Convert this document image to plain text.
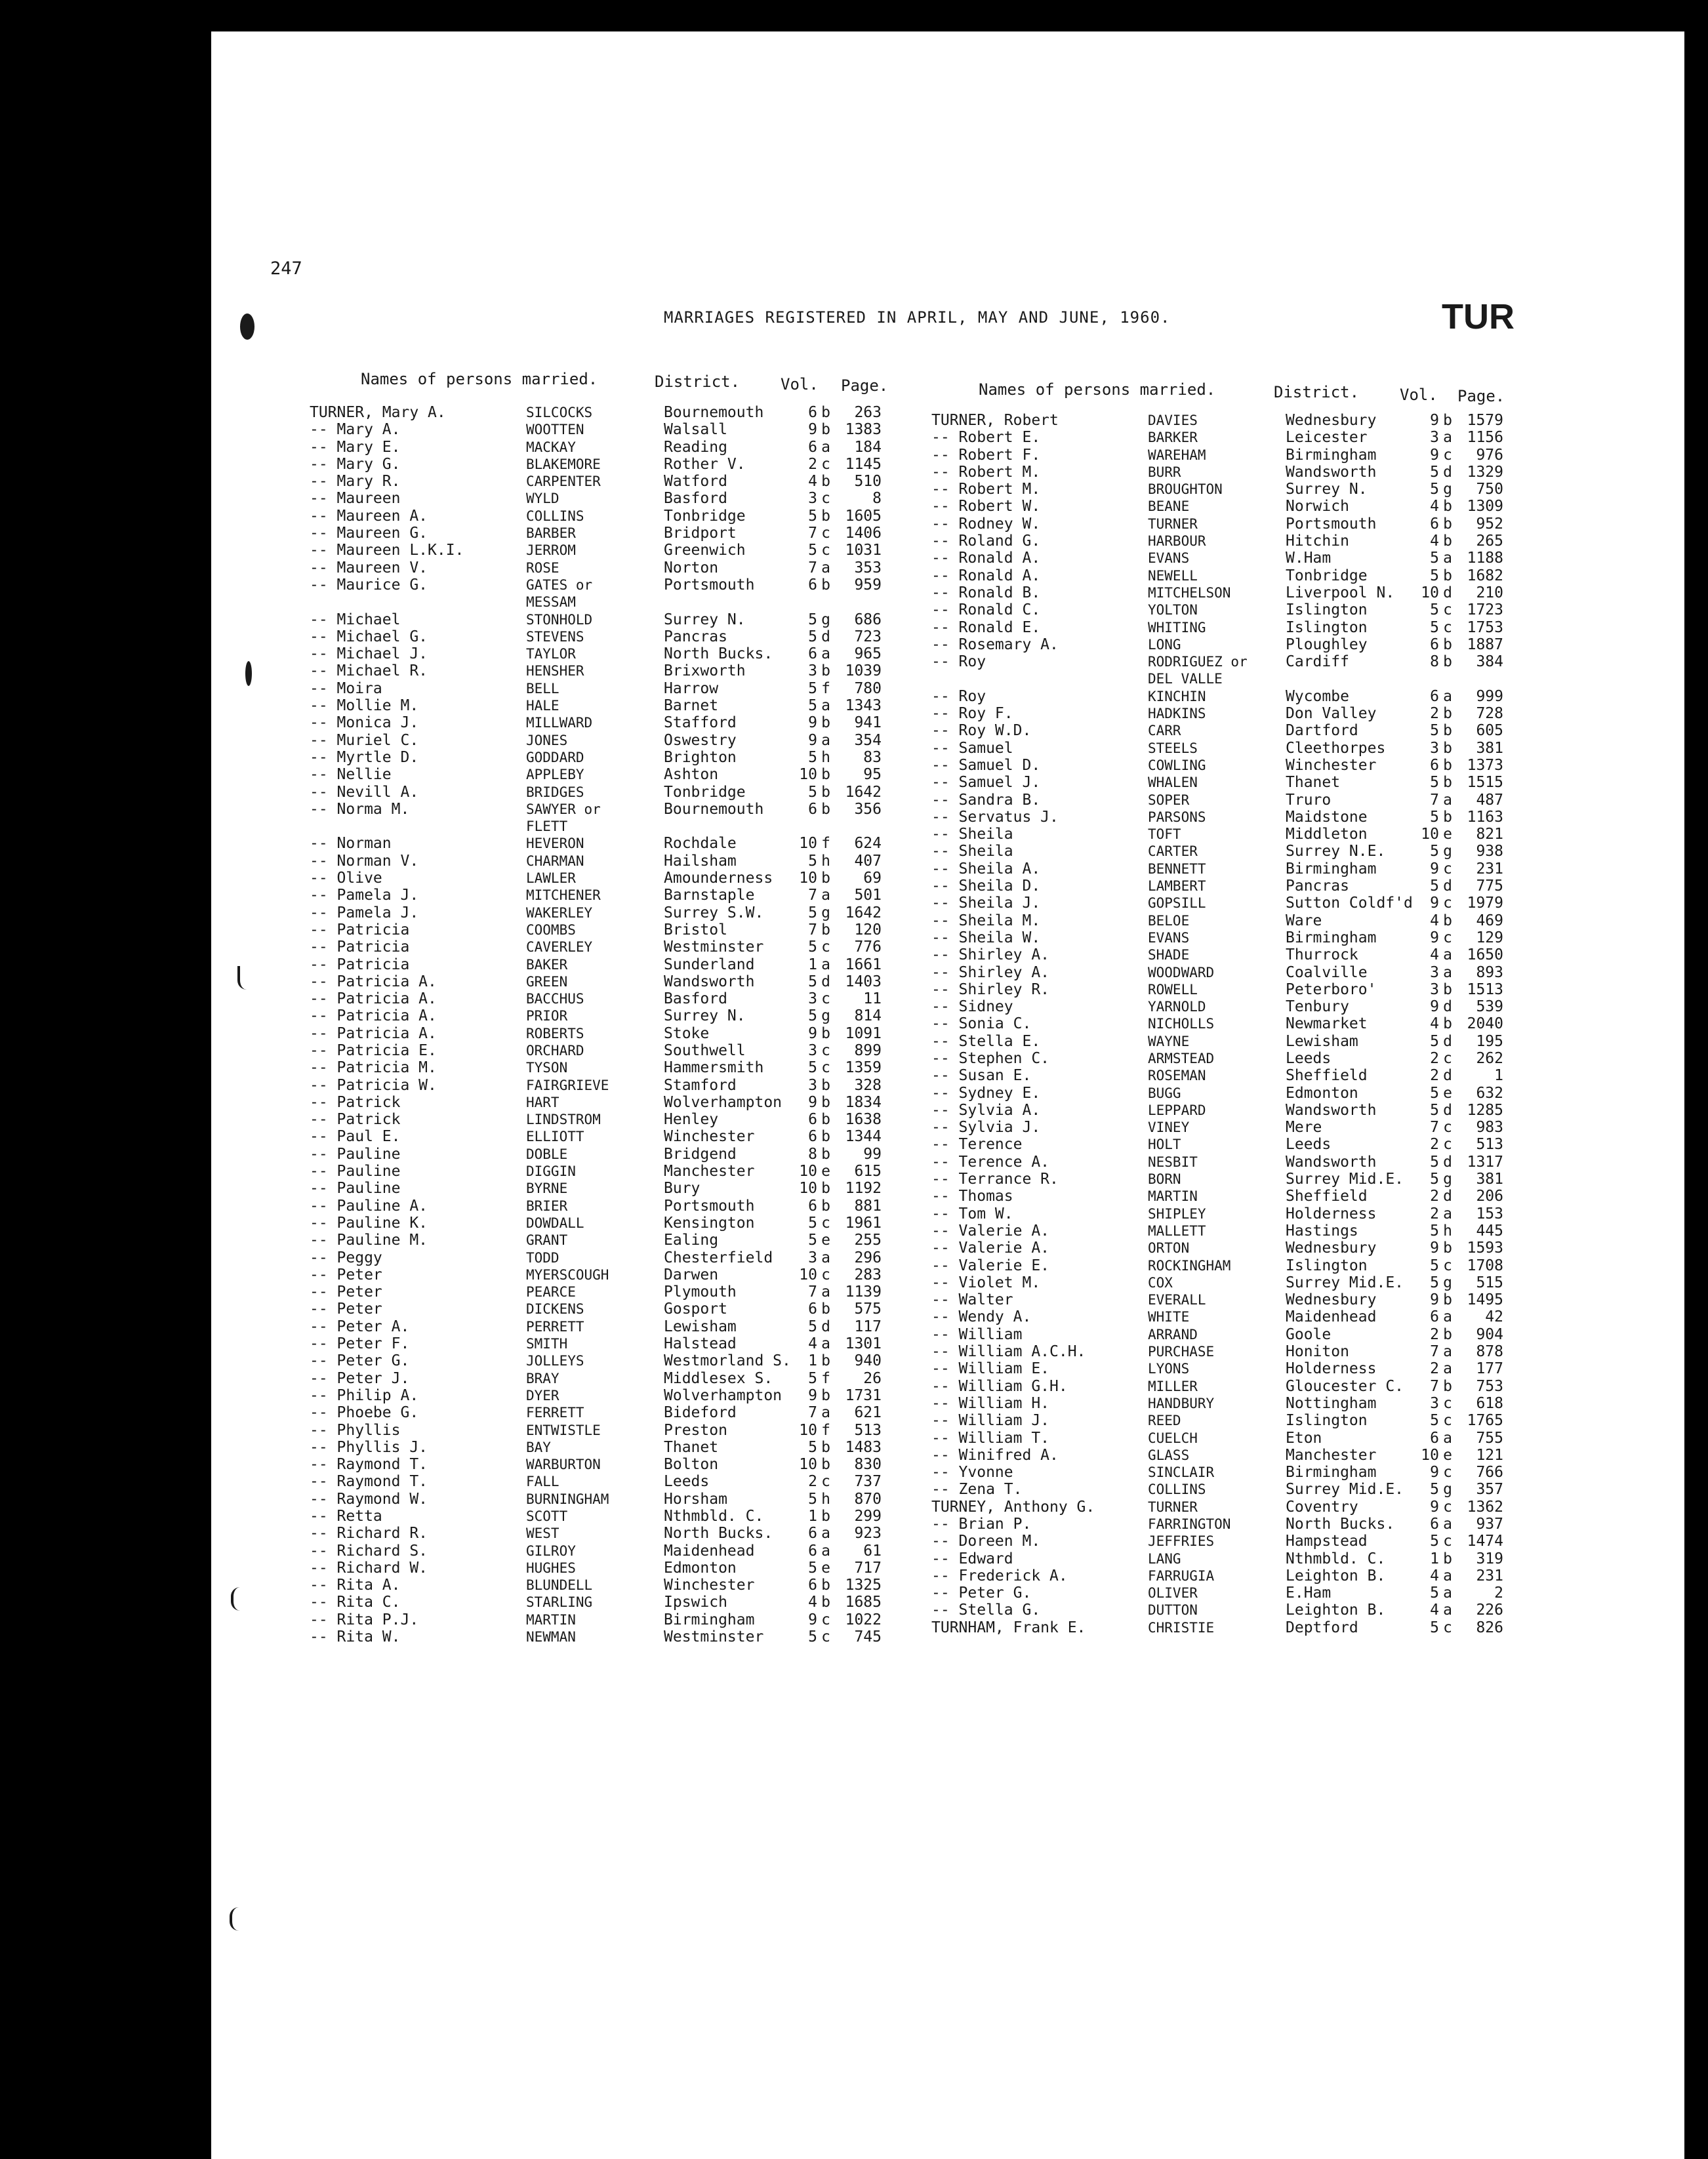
247
MARRIAGES REGISTERED IN APRIL, MAY AND JUNE, 1960.	TUR
Names of persons married.	District.	Vol. Page.	Names of persons married.	District.	Vol. Page.
TURNER, Mary A.	SILCOCKS	Bournemouth	6 b	263
-- Mary A.	WOOTTEN	Walsall	9 b 1383
-- Mary E.	MACKAY	Reading	6 a	184
-- Mary G.	BLAKEMORE	Rother V.	2 c 1145
-- Mary R.	CARPENTER	Watford	4 b	510
-- Maureen	WYLD	Basford	3 c	8
-- Maureen A.	COLLINS	Tonbridge	5 b 1605
-- Maureen G.	BARBER	Bridport	7 c 1406
-- Maureen L.K.I.	JERROM	Greenwich	5 c 1031
-- Maureen V.	ROSE	Norton	7 a	353
-- Maurice G.	GATES or	Portsmouth	6 b	959
MESSAM
-- Michael	STONHOLD	Surrey N.	5 g	686
-- Michael G.	STEVENS	Pancras	5 d	723
-- Michael J.	TAYLOR	North Bucks.	6 a	965
-- Michael R.	HENSHER	Brixworth	3 b 1039
-- Moira	BELL	Harrow	5 f	780
-- Mollie M.	HALE	Barnet	5 a 1343
-- Monica J.	MILLWARD	Stafford	9 b	941
-- Muriel C.	JONES	Oswestry	9 a	354
-- Myrtle D.	GODDARD	Brighton	5 h	83
-- Nellie	APPLEBY	Ashton	10 b	95
-- Nevill A.	BRIDGES	Tonbridge	5 b 1642
-- Norma M.	SAWYER or	Bournemouth	6 b	356
FLETT
-- Norman	HEVERON	Rochdale	10 f	624
-- Norman V.	CHARMAN	Hailsham	5 h	407
-- Olive	LAWLER	Amounderness	10 b	69
-- Pamela J.	MITCHENER	Barnstaple	7 a	501
-- Pamela J.	WAKERLEY	Surrey S.W.	5 g 1642
-- Patricia	COOMBS	Bristol	7 b	120
-- Patricia	CAVERLEY	Westminster	5 c	776
-- Patricia	BAKER	Sunderland	1 a 1661
-- Patricia A.	GREEN	Wandsworth	5 d 1403
-- Patricia A.	BACCHUS	Basford	3 c	11
-- Patricia A.	PRIOR	Surrey N.	5 g	814
-- Patricia A.	ROBERTS	Stoke	9 b 1091
-- Patricia E.	ORCHARD	Southwell	3 c	899
-- Patricia M.	TYSON	Hammersmith	5 c 1359
-- Patricia W.	FAIRGRIEVE	Stamford	3 b	328
-- Patrick	HART	Wolverhampton	9 b 1834
-- Patrick	LINDSTROM	Henley	6 b 1638
-- Paul E.	ELLIOTT	Winchester	6 b 1344
-- Pauline	DOBLE	Bridgend	8 b	99
-- Pauline	DIGGIN	Manchester	10 e	615
-- Pauline	BYRNE	Bury	10 b 1192
-- Pauline A.	BRIER	Portsmouth	6 b	881
-- Pauline K.	DOWDALL	Kensington	5 c 1961
-- Pauline M.	GRANT	Ealing	5 e	255
-- Peggy	TODD	Chesterfield	3 a	296
-- Peter	MYERSCOUGH	Darwen	10 c	283
-- Peter	PEARCE	Plymouth	7 a 1139
-- Peter	DICKENS	Gosport	6 b	575
-- Peter A.	PERRETT	Lewisham	5 d	117
-- Peter F.	SMITH	Halstead	4 a 1301
-- Peter G.	JOLLEYS	Westmorland S.	1 b	940
-- Peter J.	BRAY	Middlesex S.	5 f	26
-- Philip A.	DYER	Wolverhampton	9 b 1731
-- Phoebe G.	FERRETT	Bideford	7 a	621
-- Phyllis	ENTWISTLE	Preston	10 f	513
-- Phyllis J.	BAY	Thanet	5 b 1483
-- Raymond T.	WARBURTON	Bolton	10 b	830
-- Raymond T.	FALL	Leeds	2 c	737
-- Raymond W.	BURNINGHAM	Horsham	5 h	870
-- Retta	SCOTT	Nthmbld. C.	1 b	299
-- Richard R.	WEST	North Bucks.	6 a	923
-- Richard S.	GILROY	Maidenhead	6 a	61
-- Richard W.	HUGHES	Edmonton	5 e	717
-- Rita A.	BLUNDELL	Winchester	6 b 1325
-- Rita C.	STARLING	Ipswich	4 b 1685
-- Rita P.J.	MARTIN	Birmingham	9 c 1022
-- Rita W.	NEWMAN	Westminster	5 c	745
TURNER, Robert	DAVIES	Wednesbury	9 b 1579
-- Robert E.	BARKER	Leicester	3 a 1156
-- Robert F.	WAREHAM	Birmingham	9 c	976
-- Robert M.	BURR	Wandsworth	5 d 1329
-- Robert M.	BROUGHTON	Surrey N.	5 g	750
-- Robert W.	BEANE	Norwich	4 b 1309
-- Rodney W.	TURNER	Portsmouth	6 b	952
-- Roland G.	HARBOUR	Hitchin	4 b	265
-- Ronald A.	EVANS	W.Ham	5 a 1188
-- Ronald A.	NEWELL	Tonbridge	5 b 1682
-- Ronald B.	MITCHELSON	Liverpool N.	10 d	210
-- Ronald C.	YOLTON	Islington	5 c 1723
-- Ronald E.	WHITING	Islington	5 c 1753
-- Rosemary A.	LONG	Ploughley	6 b 1887
-- Roy	RODRIGUEZ or	Cardiff	8 b	384
DEL VALLE
-- Roy	KINCHIN	Wycombe	6 a	999
-- Roy F.	HADKINS	Don Valley	2 b	728
-- Roy W.D.	CARR	Dartford	5 b	605
-- Samuel	STEELS	Cleethorpes	3 b	381
-- Samuel D.	COWLING	Winchester	6 b 1373
-- Samuel J.	WHALEN	Thanet	5 b 1515
-- Sandra B.	SOPER	Truro	7 a	487
-- Servatus J.	PARSONS	Maidstone	5 b 1163
-- Sheila	TOFT	Middleton	10 e	821
-- Sheila	CARTER	Surrey N.E.	5 g	938
-- Sheila A.	BENNETT	Birmingham	9 c	231
-- Sheila D.	LAMBERT	Pancras	5 d	775
-- Sheila J.	GOPSILL	Sutton Coldf'd	9 c 1979
-- Sheila M.	BELOE	Ware	4 b	469
-- Sheila W.	EVANS	Birmingham	9 c	129
-- Shirley A.	SHADE	Thurrock	4 a 1650
-- Shirley A.	WOODWARD	Coalville	3 a	893
-- Shirley R.	ROWELL	Peterboro'	3 b 1513
-- Sidney	YARNOLD	Tenbury	9 d	539
-- Sonia C.	NICHOLLS	Newmarket	4 b 2040
-- Stella E.	WAYNE	Lewisham	5 d	195
-- Stephen C.	ARMSTEAD	Leeds	2 c	262
-- Susan E.	ROSEMAN	Sheffield	2 d	1
-- Sydney E.	BUGG	Edmonton	5 e	632
-- Sylvia A.	LEPPARD	Wandsworth	5 d 1285
-- Sylvia J.	VINEY	Mere	7 c	983
-- Terence	HOLT	Leeds	2 c	513
-- Terence A.	NESBIT	Wandsworth	5 d 1317
-- Terrance R.	BORN	Surrey Mid.E.	5 g	381
-- Thomas	MARTIN	Sheffield	2 d	206
-- Tom W.	SHIPLEY	Holderness	2 a	153
-- Valerie A.	MALLETT	Hastings	5 h	445
-- Valerie A.	ORTON	Wednesbury	9 b 1593
-- Valerie E.	ROCKINGHAM	Islington	5 c 1708
-- Violet M.	COX	Surrey Mid.E.	5 g	515
-- Walter	EVERALL	Wednesbury	9 b 1495
-- Wendy A.	WHITE	Maidenhead	6 a	42
-- William	ARRAND	Goole	2 b	904
-- William A.C.H.	PURCHASE	Honiton	7 a	878
-- William E.	LYONS	Holderness	2 a	177
-- William G.H.	MILLER	Gloucester C.	7 b	753
-- William H.	HANDBURY	Nottingham	3 c	618
-- William J.	REED	Islington	5 c 1765
-- William T.	CUELCH	Eton	6 a	755
-- Winifred A.	GLASS	Manchester	10 e	121
-- Yvonne	SINCLAIR	Birmingham	9 c	766
-- Zena T.	COLLINS	Surrey Mid.E.	5 g	357
TURNEY, Anthony G.	TURNER	Coventry	9 c 1362
-- Brian P.	FARRINGTON	North Bucks.	6 a	937
-- Doreen M.	JEFFRIES	Hampstead	5 c 1474
-- Edward	LANG	Nthmbld. C.	1 b	319
-- Frederick A.	FARRUGIA	Leighton B.	4 a	231
-- Peter G.	OLIVER	E.Ham	5 a	2
-- Stella G.	DUTTON	Leighton B.	4 a	226
TURNHAM, Frank E.	CHRISTIE	Deptford	5 c	826
